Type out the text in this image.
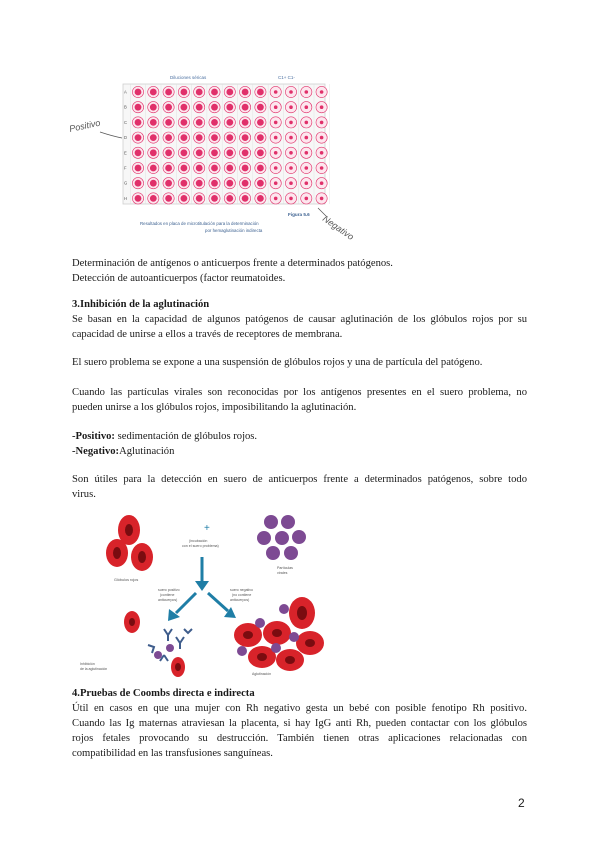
Diluciones séricas	C1+ C1-
A
B
C
D
E
F
G
H
Positivo
Negativo
Figura 5.6
Resultados en placa de microtitulación para la determinación
por hemaglutinación indirecta
Determinación de antígenos o anticuerpos frente a determinados patógenos.
Detección de autoanticuerpos (factor reumatoides.
3.Inhibición de la aglutinación
Se basan en la capacidad de algunos patógenos de causar aglutinación de los glóbulos rojos por su
capacidad de unirse a ellos a través de receptores de membrana.
El suero problema se expone a una suspensión de glóbulos rojos y una de partícula del patógeno.
Cuando las partículas virales son reconocidas por los antígenos presentes en el suero problema, no
pueden unirse a los glóbulos rojos, imposibilitando la aglutinación.
-Positivo: sedimentación de glóbulos rojos.
-Negativo:Aglutinación
Son útiles para la detección en suero de anticuerpos frente a determinados patógenos, sobre todo
virus.
Glóbulos rojos
+
(incubación
con el suero problema)
Partículas
virales
suero positivo
(contiene
anticuerpos)
suero negativo
(no contiene
anticuerpos)
Inhibición
de la aglutinación
Aglutinación
4.Pruebas de Coombs directa e indirecta
Útil en casos en que una mujer con Rh negativo gesta un bebé con posible fenotipo Rh positivo.
Cuando las Ig maternas atraviesan la placenta, si hay IgG anti Rh, pueden contactar con los glóbulos
rojos fetales provocando su destrucción. También tienen otras aplicaciones relacionadas con
compatibilidad en las transfusiones sanguíneas.
2
